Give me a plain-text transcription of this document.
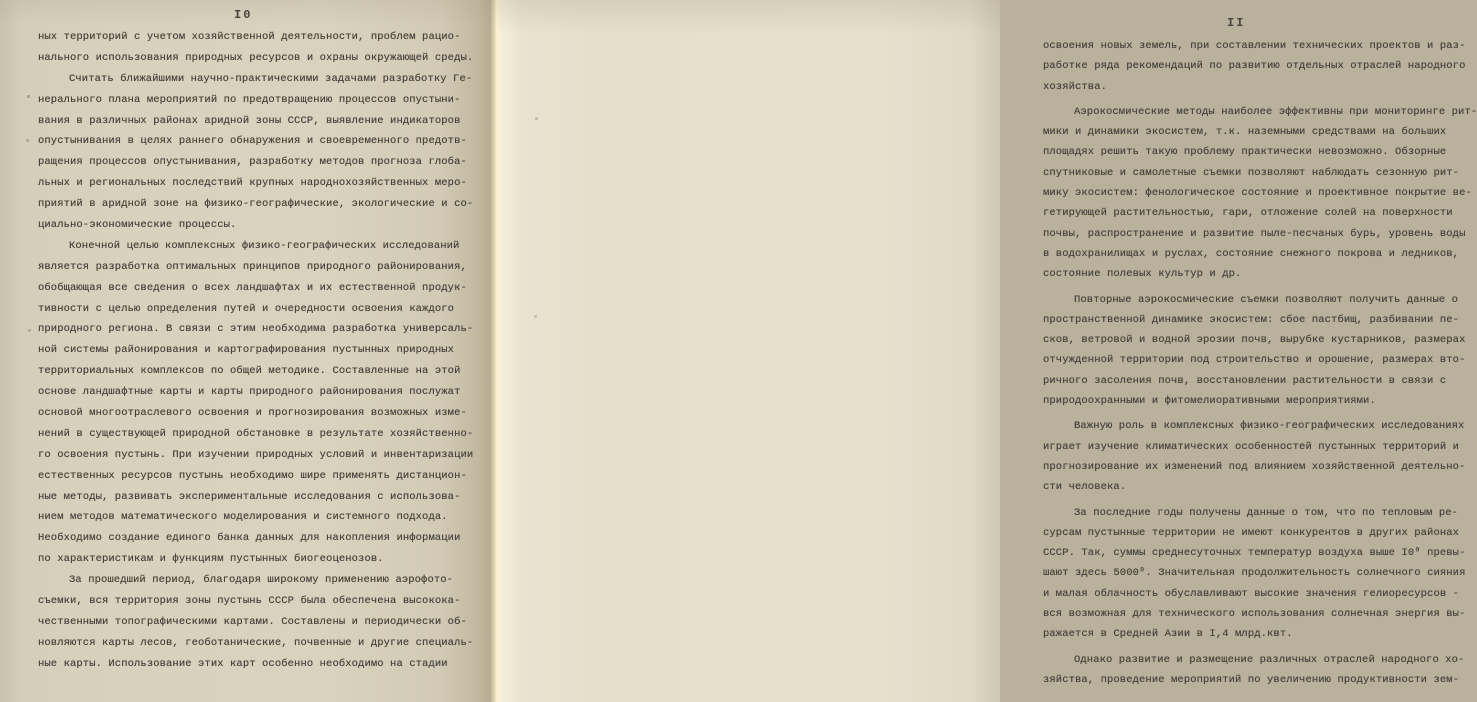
I0
ных территорий с учетом хозяйственной деятельности, проблем рацио-
нального использования природных ресурсов и охраны окружающей среды.
Считать ближайшими научно-практическими задачами разработку Ге-
нерального плана мероприятий по предотвращению процессов опустыни-
вания в различных районах аридной зоны СССР, выявление индикаторов
опустынивания в целях раннего обнаружения и своевременного предотв-
ращения процессов опустынивания, разработку методов прогноза глоба-
льных и региональных последствий крупных народнохозяйственных меро-
приятий в аридной зоне на физико-географические, экологические и со-
циально-экономические процессы.
Конечной целью комплексных физико-географических исследований
является разработка оптимальных принципов природного районирования,
обобщающая все сведения о всех ландшафтах и их естественной продук-
тивности с целью определения путей и очередности освоения каждого
природного региона. В связи с этим необходима разработка универсаль-
ной системы районирования и картографирования пустынных природных
территориальных комплексов по общей методике. Составленные на этой
основе ландшафтные карты и карты природного районирования послужат
основой многоотраслевого освоения и прогнозирования возможных изме-
нений в существующей природной обстановке в результате хозяйственно-
го освоения пустынь. При изучении природных условий и инвентаризации
естественных ресурсов пустынь необходимо шире применять дистанцион-
ные методы, развивать экспериментальные исследования с использова-
нием методов математического моделирования и системного подхода.
Необходимо создание единого банка данных для накопления информации
по характеристикам и функциям пустынных биогеоценозов.
За прошедший период, благодаря широкому применению аэрофото-
съемки, вся территория зоны пустынь СССР была обеспечена высокока-
чественными топографическими картами. Составлены и периодически об-
новляются карты лесов, геоботанические, почвенные и другие специаль-
ные карты. Использование этих карт особенно необходимо на стадии
II
освоения новых земель, при составлении технических проектов и раз-
работке ряда рекомендаций по развитию отдельных отраслей народного
хозяйства.
Аэрокосмические методы наиболее эффективны при мониторинге рит-
мики и динамики экосистем, т.к. наземными средствами на больших
площадях решить такую проблему практически невозможно. Обзорные
спутниковые и самолетные съемки позволяют наблюдать сезонную рит-
мику экосистем: фенологическое состояние и проективное покрытие ве-
гетирующей растительностью, гари, отложение солей на поверхности
почвы, распространение и развитие пыле-песчаных бурь, уровень воды
в водохранилищах и руслах, состояние снежного покрова и ледников,
состояние полевых культур и др.
Повторные аэрокосмические съемки позволяют получить данные о
пространственной динамике экосистем: сбое пастбищ, разбивании пе-
сков, ветровой и водной эрозии почв, вырубке кустарников, размерах
отчужденной территории под строительство и орошение, размерах вто-
ричного засоления почв, восстановлении растительности в связи с
природоохранными и фитомелиоративными мероприятиями.
Важную роль в комплексных физико-географических исследованиях
играет изучение климатических особенностей пустынных территорий и
прогнозирование их изменений под влиянием хозяйственной деятельно-
сти человека.
За последние годы получены данные о том, что по тепловым ре-
сурсам пустынные территории не имеют конкурентов в других районах
СССР. Так, суммы среднесуточных температур воздуха выше I0⁰ превы-
шают здесь 5000⁰. Значительная продолжительность солнечного сияния
и малая облачность обуславливают высокие значения гелиоресурсов -
вся возможная для технического использования солнечная энергия вы-
ражается в Средней Азии в I,4 млрд.квт.
Однако развитие и размещение различных отраслей народного хо-
зяйства, проведение мероприятий по увеличению продуктивности зем-
